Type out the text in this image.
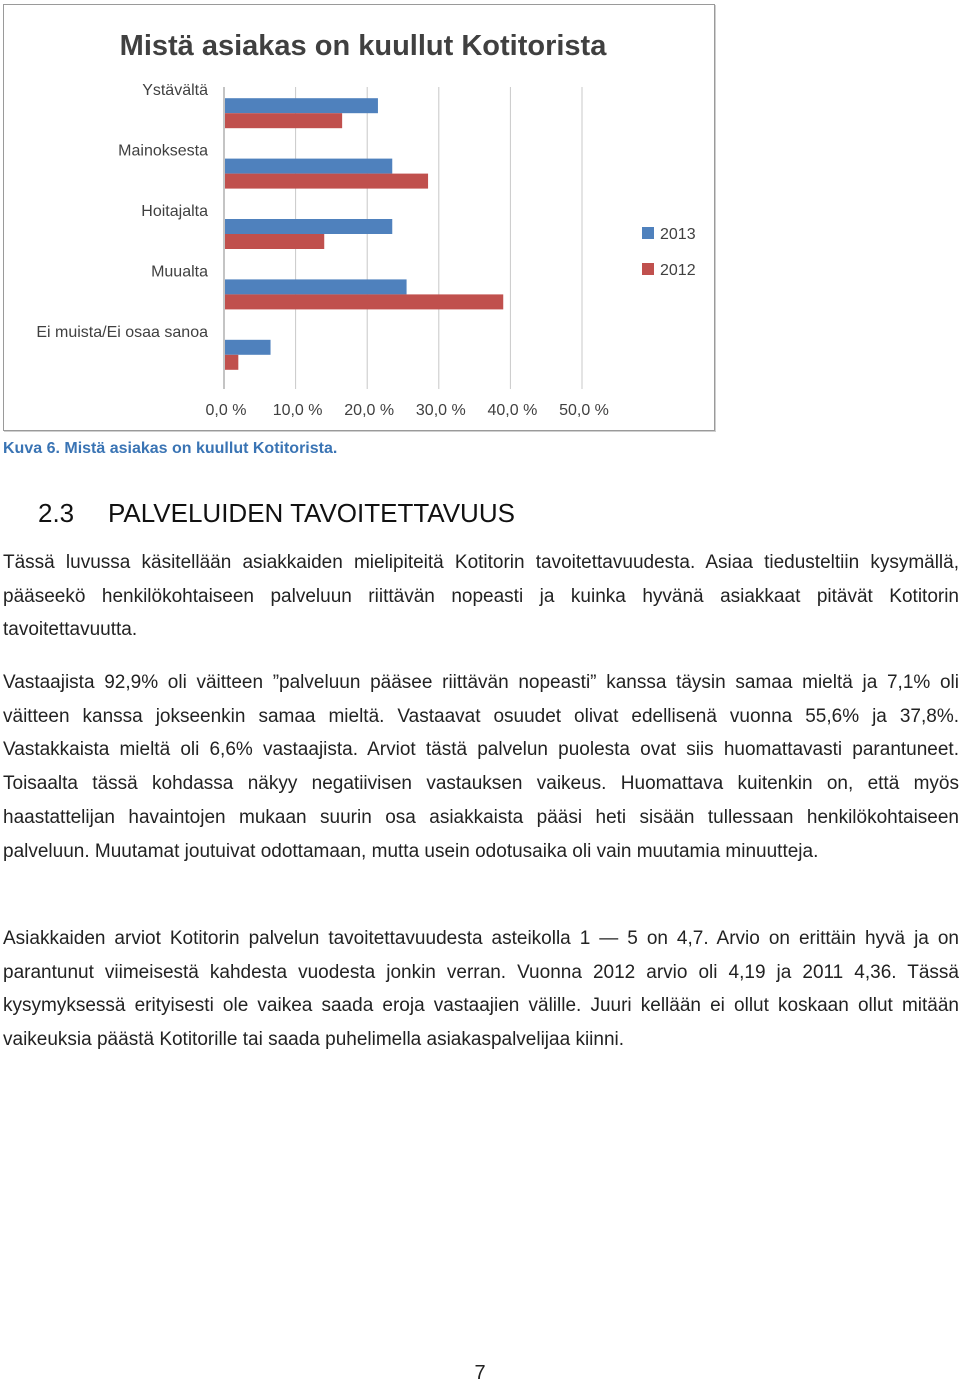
Mistä asiakas on kuullut Kotitorista
Ystävältä
Mainoksesta
Hoitajalta
Muualta
Ei muista/Ei osaa sanoa
0,0 % 10,0 % 20,0 % 30,0 % 40,0 % 50,0 %
2013
2012
Kuva 6. Mistä asiakas on kuullut Kotitorista.
2.3 PALVELUIDEN TAVOITETTAVUUS
Tässä luvussa käsitellään asiakkaiden mielipiteitä Kotitorin tavoitettavuudesta. Asiaa tiedusteltiin kysymällä, pääseekö henkilökohtaiseen palveluun riittävän nopeasti ja kuinka hyvänä asiakkaat pitävät Kotitorin tavoitettavuutta.
Vastaajista 92,9% oli väitteen ”palveluun pääsee riittävän nopeasti” kanssa täysin samaa mieltä ja 7,1% oli väitteen kanssa jokseenkin samaa mieltä. Vastaavat osuudet olivat edellisenä vuonna 55,6% ja 37,8%. Vastakkaista mieltä oli 6,6% vastaajista. Arviot tästä palvelun puolesta ovat siis huomattavasti parantuneet. Toisaalta tässä kohdassa näkyy negatiivisen vastauksen vaikeus. Huomattava kuitenkin on, että myös haastattelijan havaintojen mukaan suurin osa asiakkaista pääsi heti sisään tullessaan henkilökohtaiseen palveluun. Muutamat joutuivat odottamaan, mutta usein odotusaika oli vain muutamia minuutteja.
Asiakkaiden arviot Kotitorin palvelun tavoitettavuudesta asteikolla 1 — 5 on 4,7. Arvio on erittäin hyvä ja on parantunut viimeisestä kahdesta vuodesta jonkin verran. Vuonna 2012 arvio oli 4,19 ja 2011 4,36. Tässä kysymyksessä erityisesti ole vaikea saada eroja vastaajien välille. Juuri kellään ei ollut koskaan ollut mitään vaikeuksia päästä Kotitorille tai saada puhelimella asiakaspalvelijaa kiinni.
7
